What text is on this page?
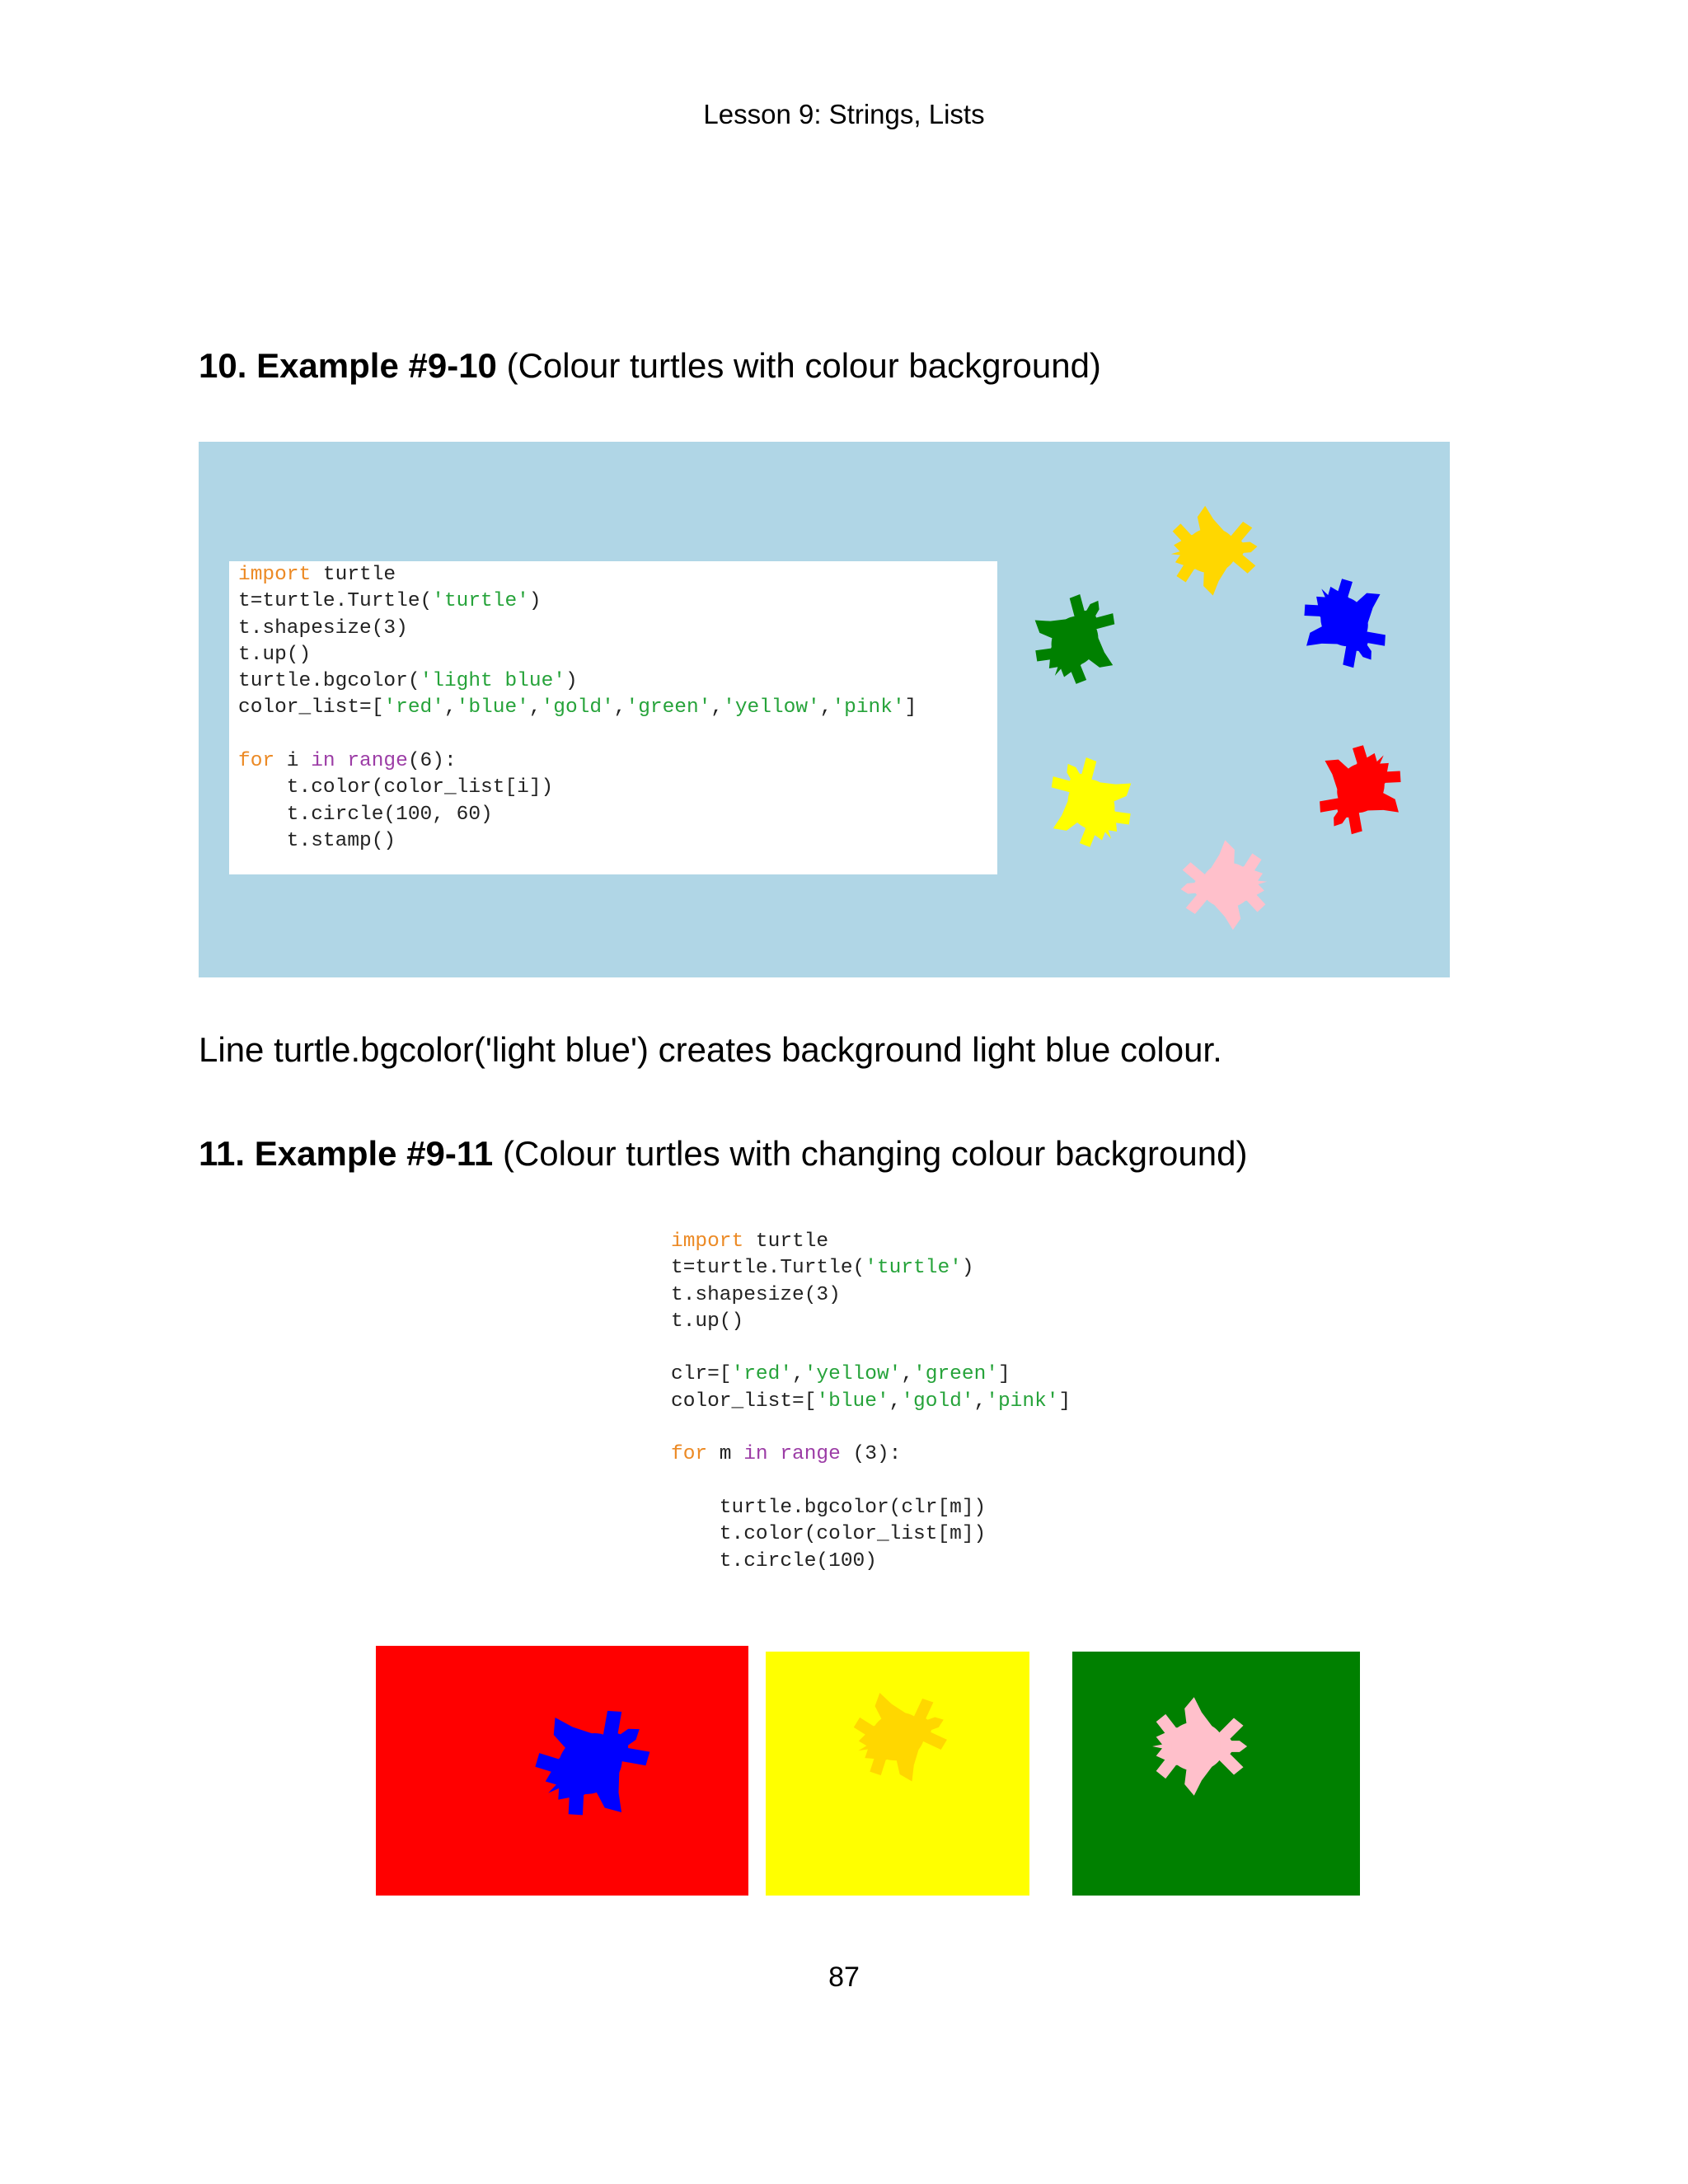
Lesson 9: Strings, Lists
10. Example #9-10 (Colour turtles with colour background)
import turtle
t=turtle.Turtle('turtle')
t.shapesize(3)
t.up()
turtle.bgcolor('light blue')
color_list=['red','blue','gold','green','yellow','pink']
for i in range(6):
t.color(color_list[i])
t.circle(100, 60)
t.stamp()
Line turtle.bgcolor('light blue') creates background light blue colour.
11. Example #9-11 (Colour turtles with changing colour background)
import turtle
t=turtle.Turtle('turtle')
t.shapesize(3)
t.up()
clr=['red','yellow','green']
color_list=['blue','gold','pink']
for m in range (3):
turtle.bgcolor(clr[m])
t.color(color_list[m])
t.circle(100)
87
